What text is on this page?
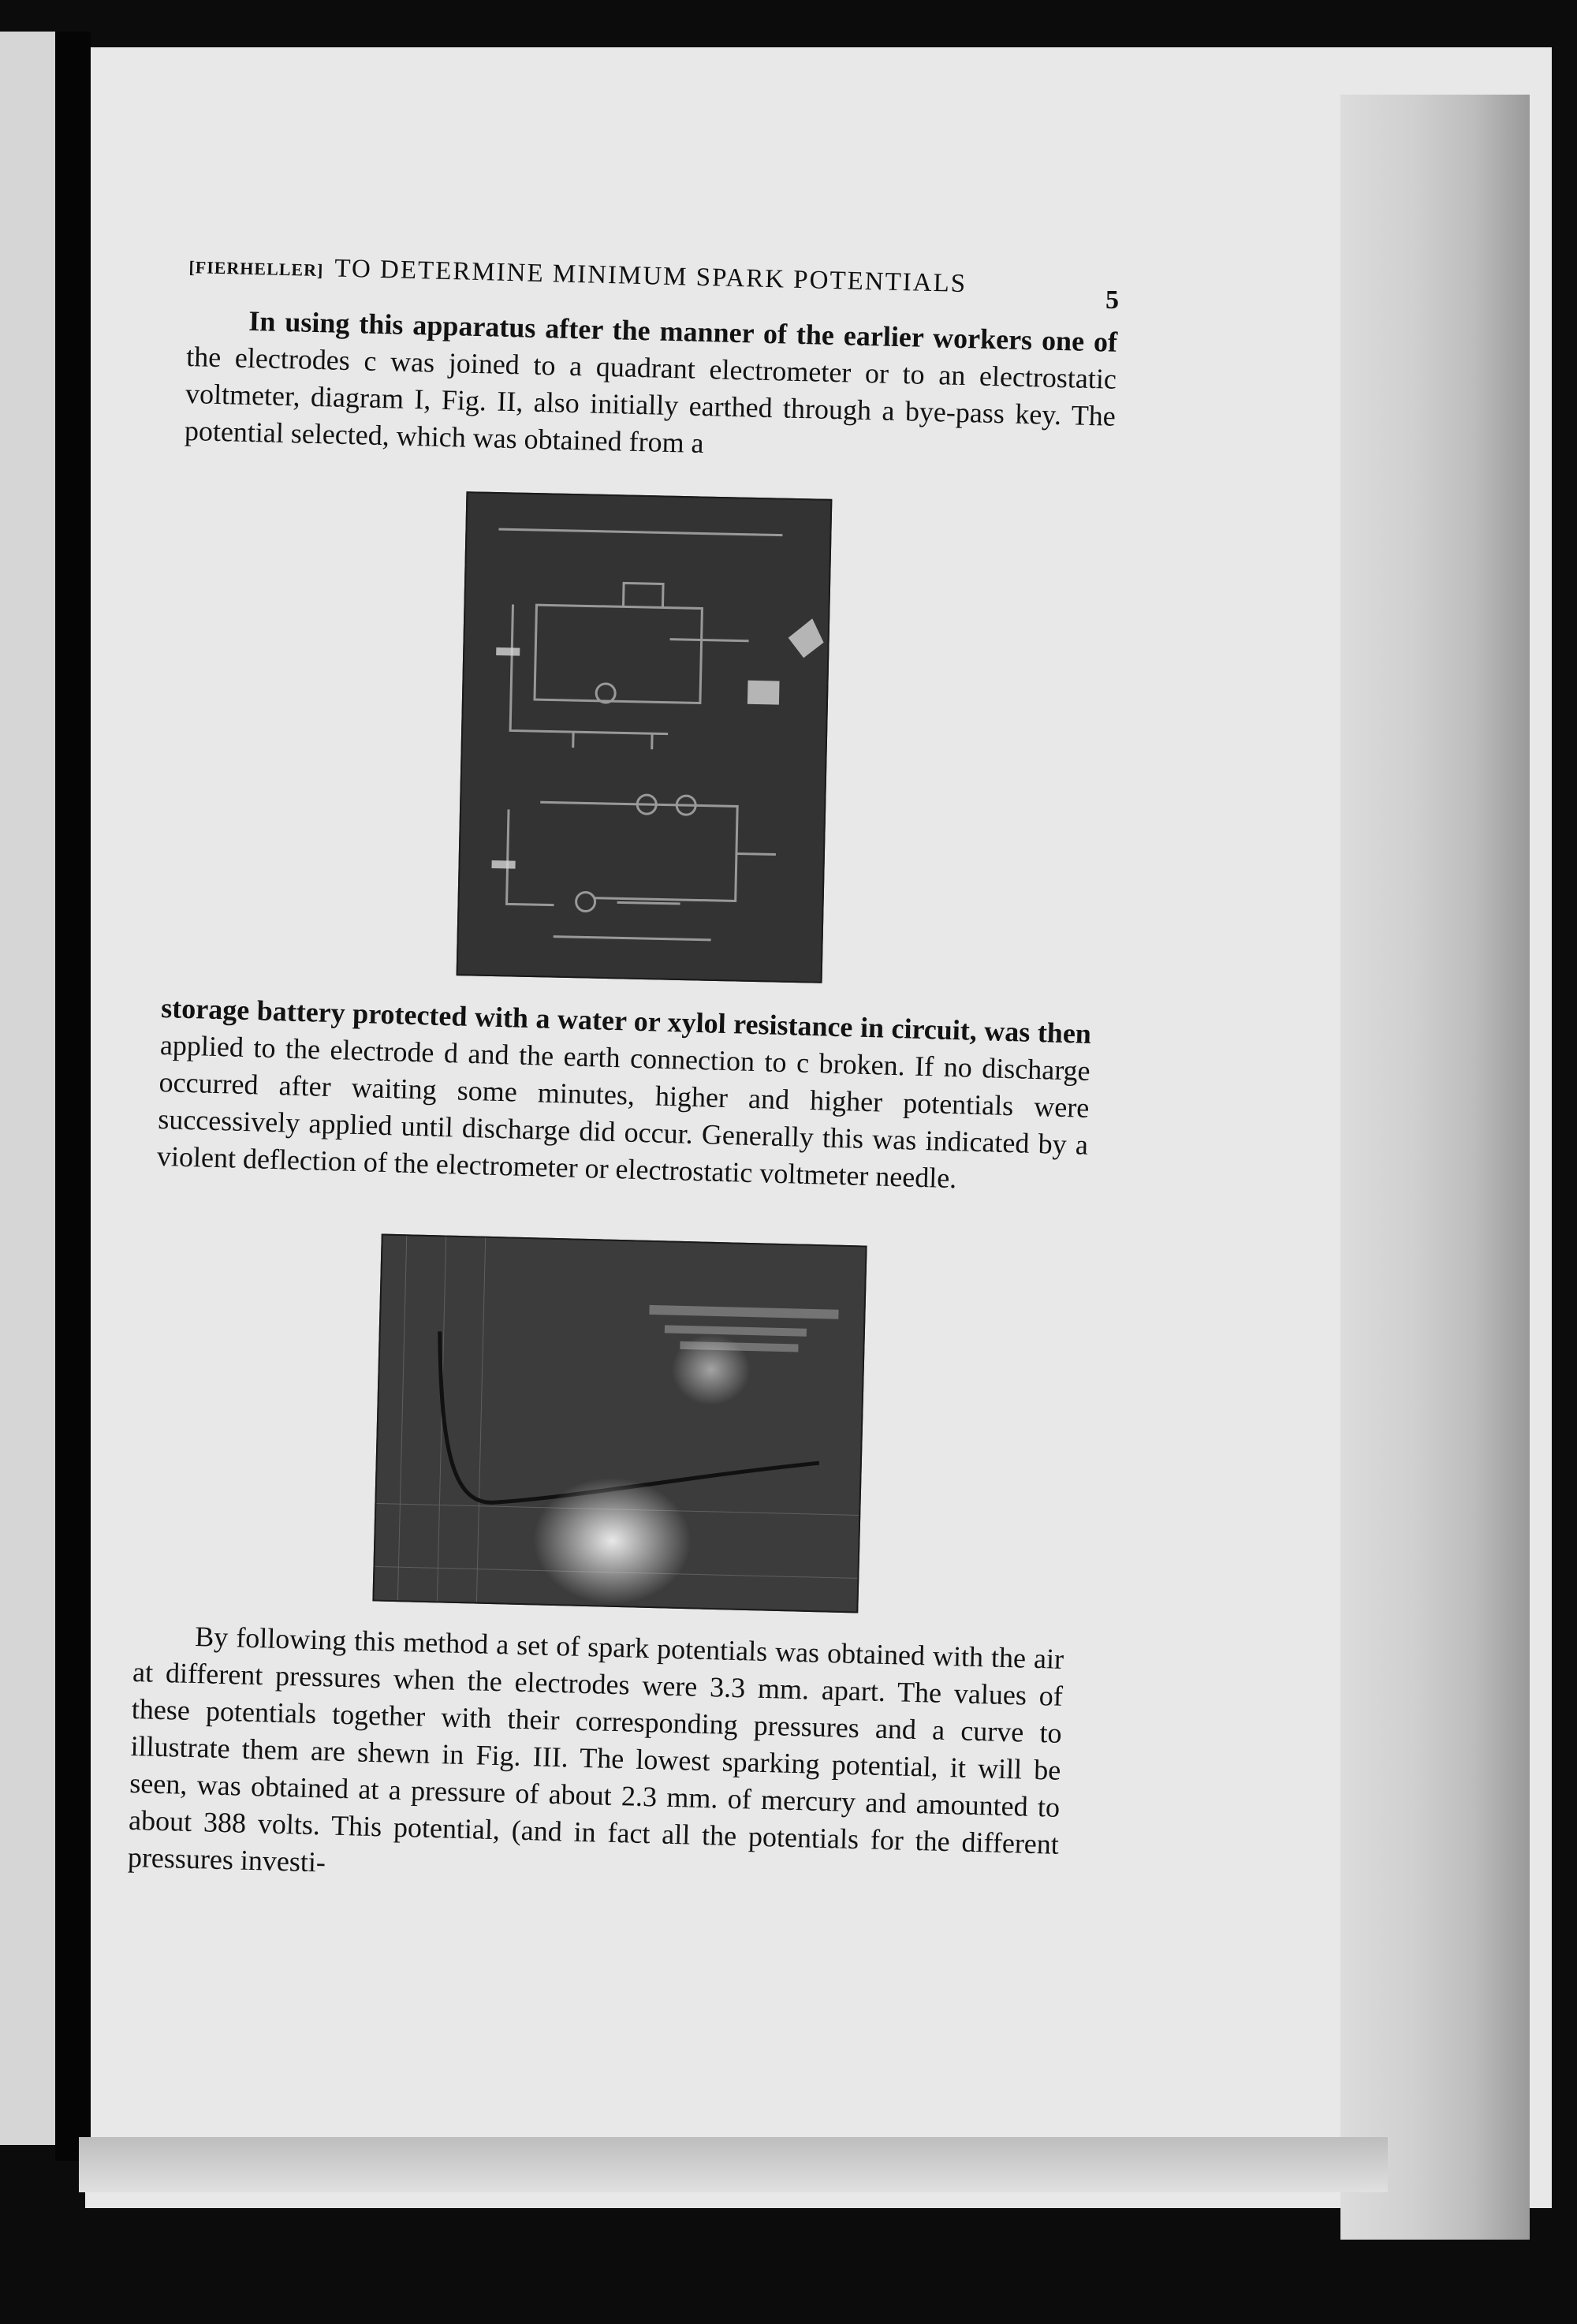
[FIERHELLER] TO DETERMINE MINIMUM SPARK POTENTIALS
5

In using this apparatus after the manner of the earlier workers one of the electrodes c was joined to a quadrant electrometer or to an electrostatic voltmeter, diagram I, Fig. II, also initially earthed through a bye-pass key. The potential selected, which was obtained from a

storage battery protected with a water or xylol resistance in circuit, was then applied to the electrode d and the earth connection to c broken. If no discharge occurred after waiting some minutes, higher and higher potentials were successively applied until discharge did occur. Generally this was indicated by a violent deflection of the electrometer or electrostatic voltmeter needle.

By following this method a set of spark potentials was obtained with the air at different pressures when the electrodes were 3.3 mm. apart. The values of these potentials together with their corresponding pressures and a curve to illustrate them are shewn in Fig. III. The lowest sparking potential, it will be seen, was obtained at a pressure of about 2.3 mm. of mercury and amounted to about 388 volts. This potential, (and in fact all the potentials for the different pressures investi-
